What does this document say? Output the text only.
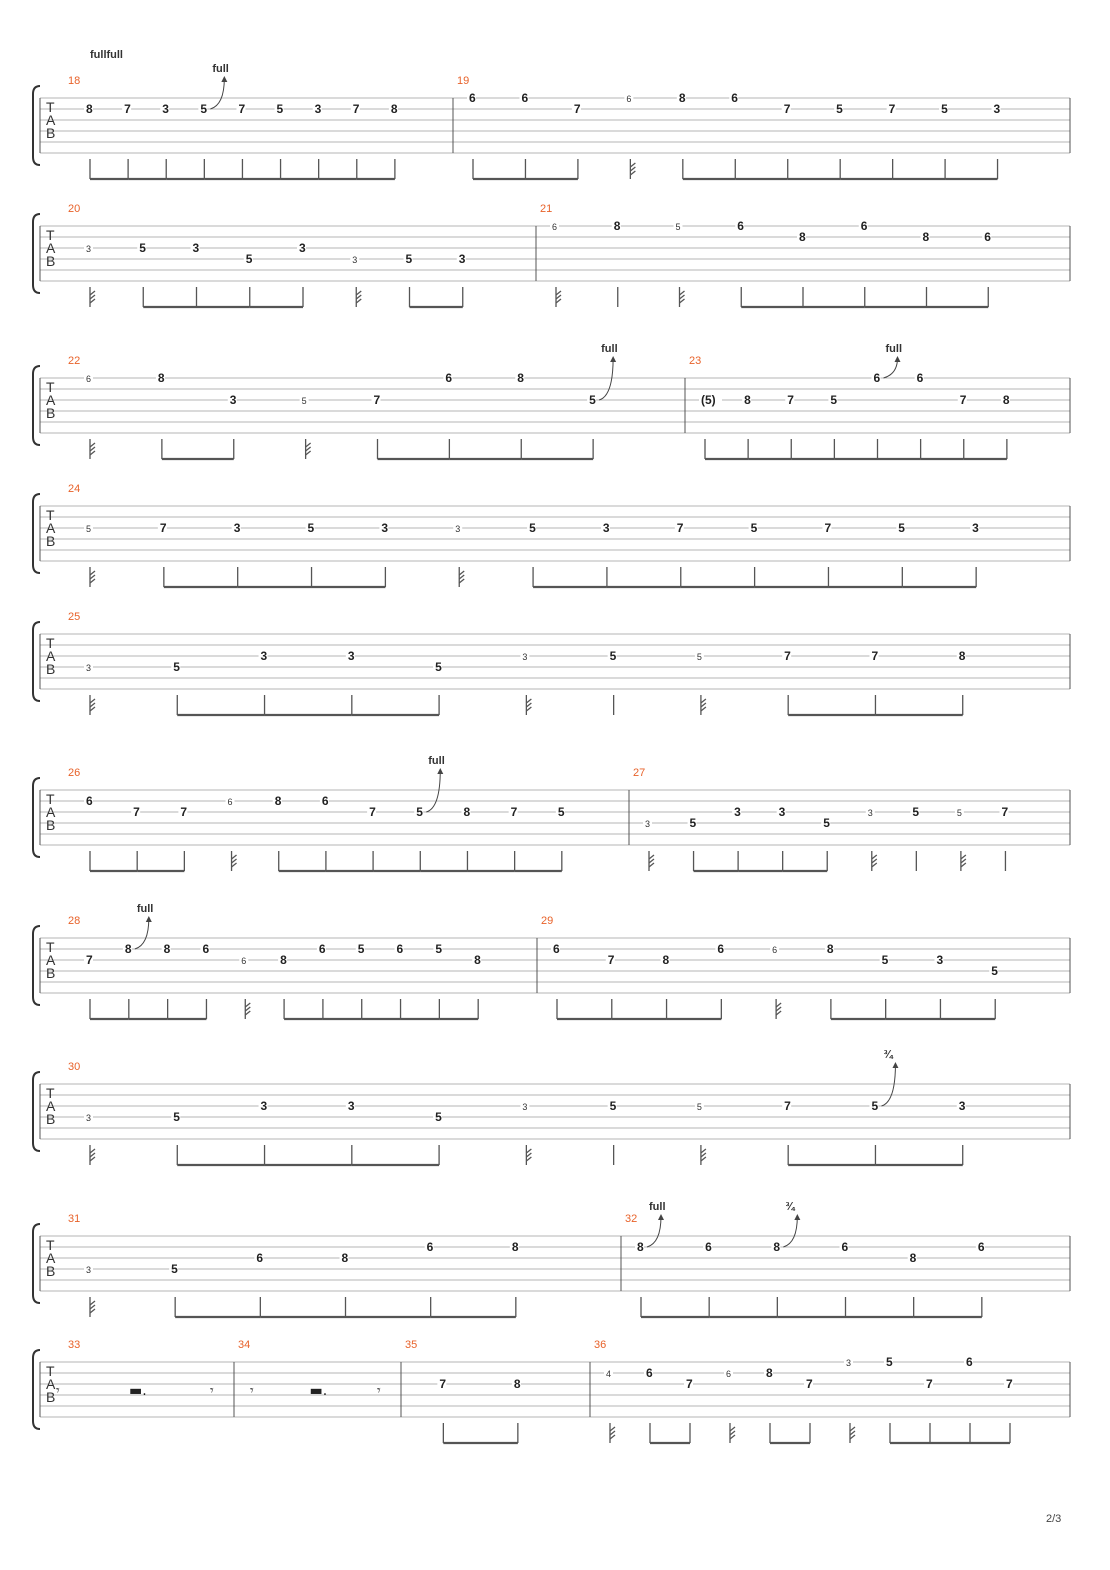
T
A
B
18
8	7	3	5
full
7	5	3	7	8
19
6	6
7
6	8	6
7	5	7	5	3
fullfull
T
A
B
20
3	5	3
5
3
3	5	3
21
6	8	5	6
8
6
8	6
T
A
B
22
6	8
3	5	7
6	8
5
full
23
(5) 8	7	5
6
full
6
7	8
T
A
B
24
5	7	3	5	3	3	5	3	7	5	7	5	3
T
A
B
25
3	5
3	3
5
3	5	5	7	7	8
T
A
B
26
6
7	7
6	8	6
7	5
full
8	7	5
27
3	5
3	3
5
3	5	5	7
T
A
B
28
7
8
full
8	6
6	8
6	5	6	5
8
29
6
7	8
6	6	8
5	3
5
T
A
B
30
3	5
3	3
5
3	5	5	7	5
¾
3
T
A
B
31
3	5
6	8
6	8
32
8
full
6	8
¾
6
8
6
T
A
B
33
𝄾	▬.	𝄾
34
𝄾	▬.	𝄾
35
7	8
36
4	6
7
6	8
7
3	5
7
6
7
2/3
